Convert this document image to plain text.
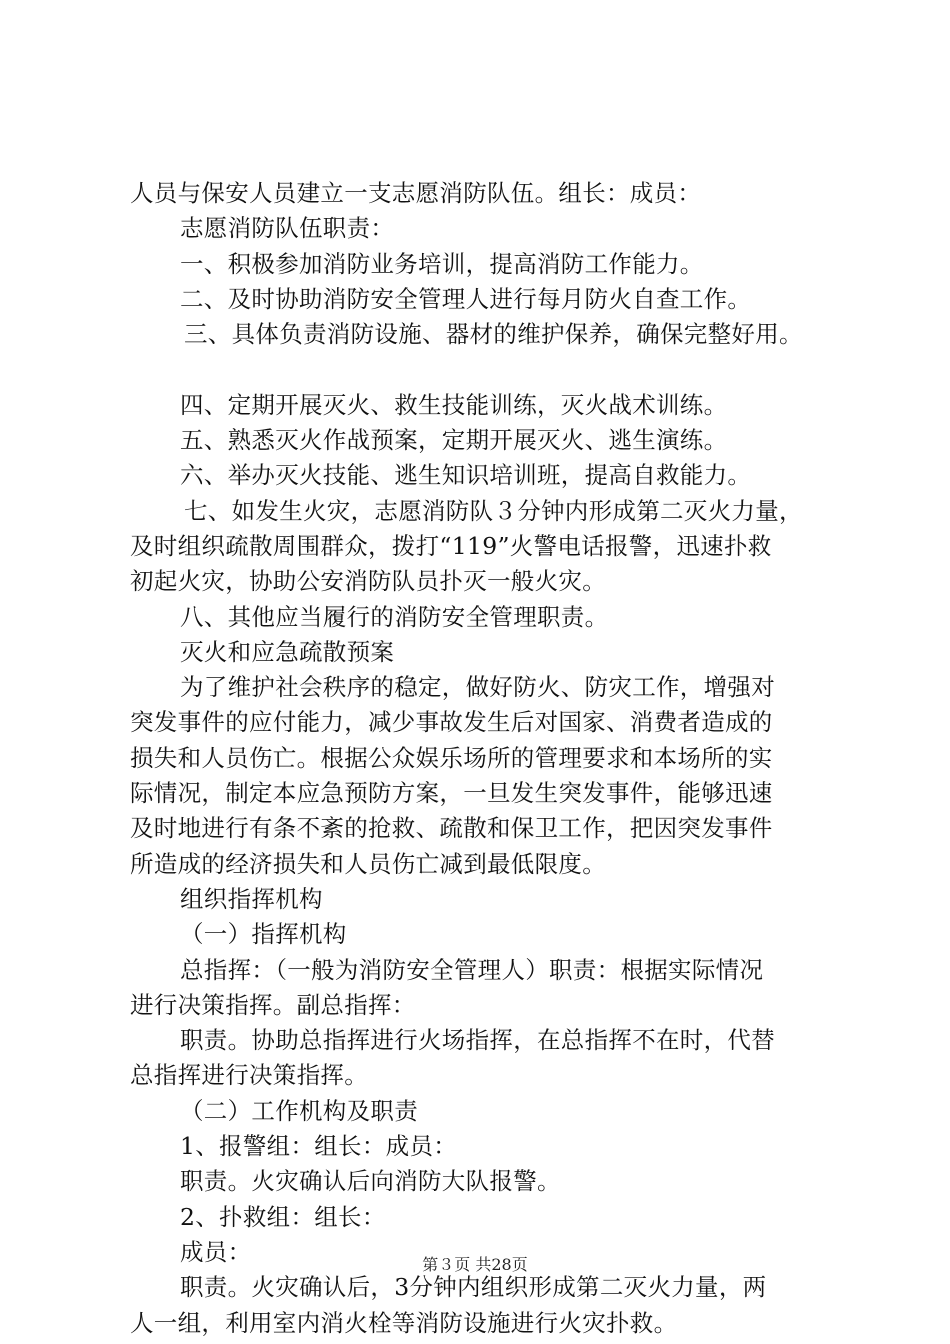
人员与保安人员建立一支志愿消防队伍。组长：成员：
志愿消防队伍职责：
一、积极参加消防业务培训，提高消防工作能力。
二、及时协助消防安全管理人进行每月防火自查工作。
三、具体负责消防设施、器材的维护保养，确保完整好用。
四、定期开展灭火、救生技能训练，灭火战术训练。
五、熟悉灭火作战预案，定期开展灭火、逃生演练。
六、举办灭火技能、逃生知识培训班，提高自救能力。
七、如发生火灾，志愿消防队３分钟内形成第二灭火力量，
及时组织疏散周围群众，拨打“119”火警电话报警，迅速扑救
初起火灾，协助公安消防队员扑灭一般火灾。
八、其他应当履行的消防安全管理职责。
灭火和应急疏散预案
为了维护社会秩序的稳定，做好防火、防灾工作，增强对
突发事件的应付能力，减少事故发生后对国家、消费者造成的
损失和人员伤亡。根据公众娱乐场所的管理要求和本场所的实
际情况，制定本应急预防方案，一旦发生突发事件，能够迅速
及时地进行有条不紊的抢救、疏散和保卫工作，把因突发事件
所造成的经济损失和人员伤亡减到最低限度。
组织指挥机构
（一）指挥机构
总指挥：（一般为消防安全管理人）职责：根据实际情况
进行决策指挥。副总指挥：
职责。协助总指挥进行火场指挥，在总指挥不在时，代替
总指挥进行决策指挥。
（二）工作机构及职责
1、报警组：组长：成员：
职责。火灾确认后向消防大队报警。
2、扑救组：组长：
成员：
职责。火灾确认后，3分钟内组织形成第二灭火力量，两
人一组，利用室内消火栓等消防设施进行火灾扑救。
第３页 共28页
